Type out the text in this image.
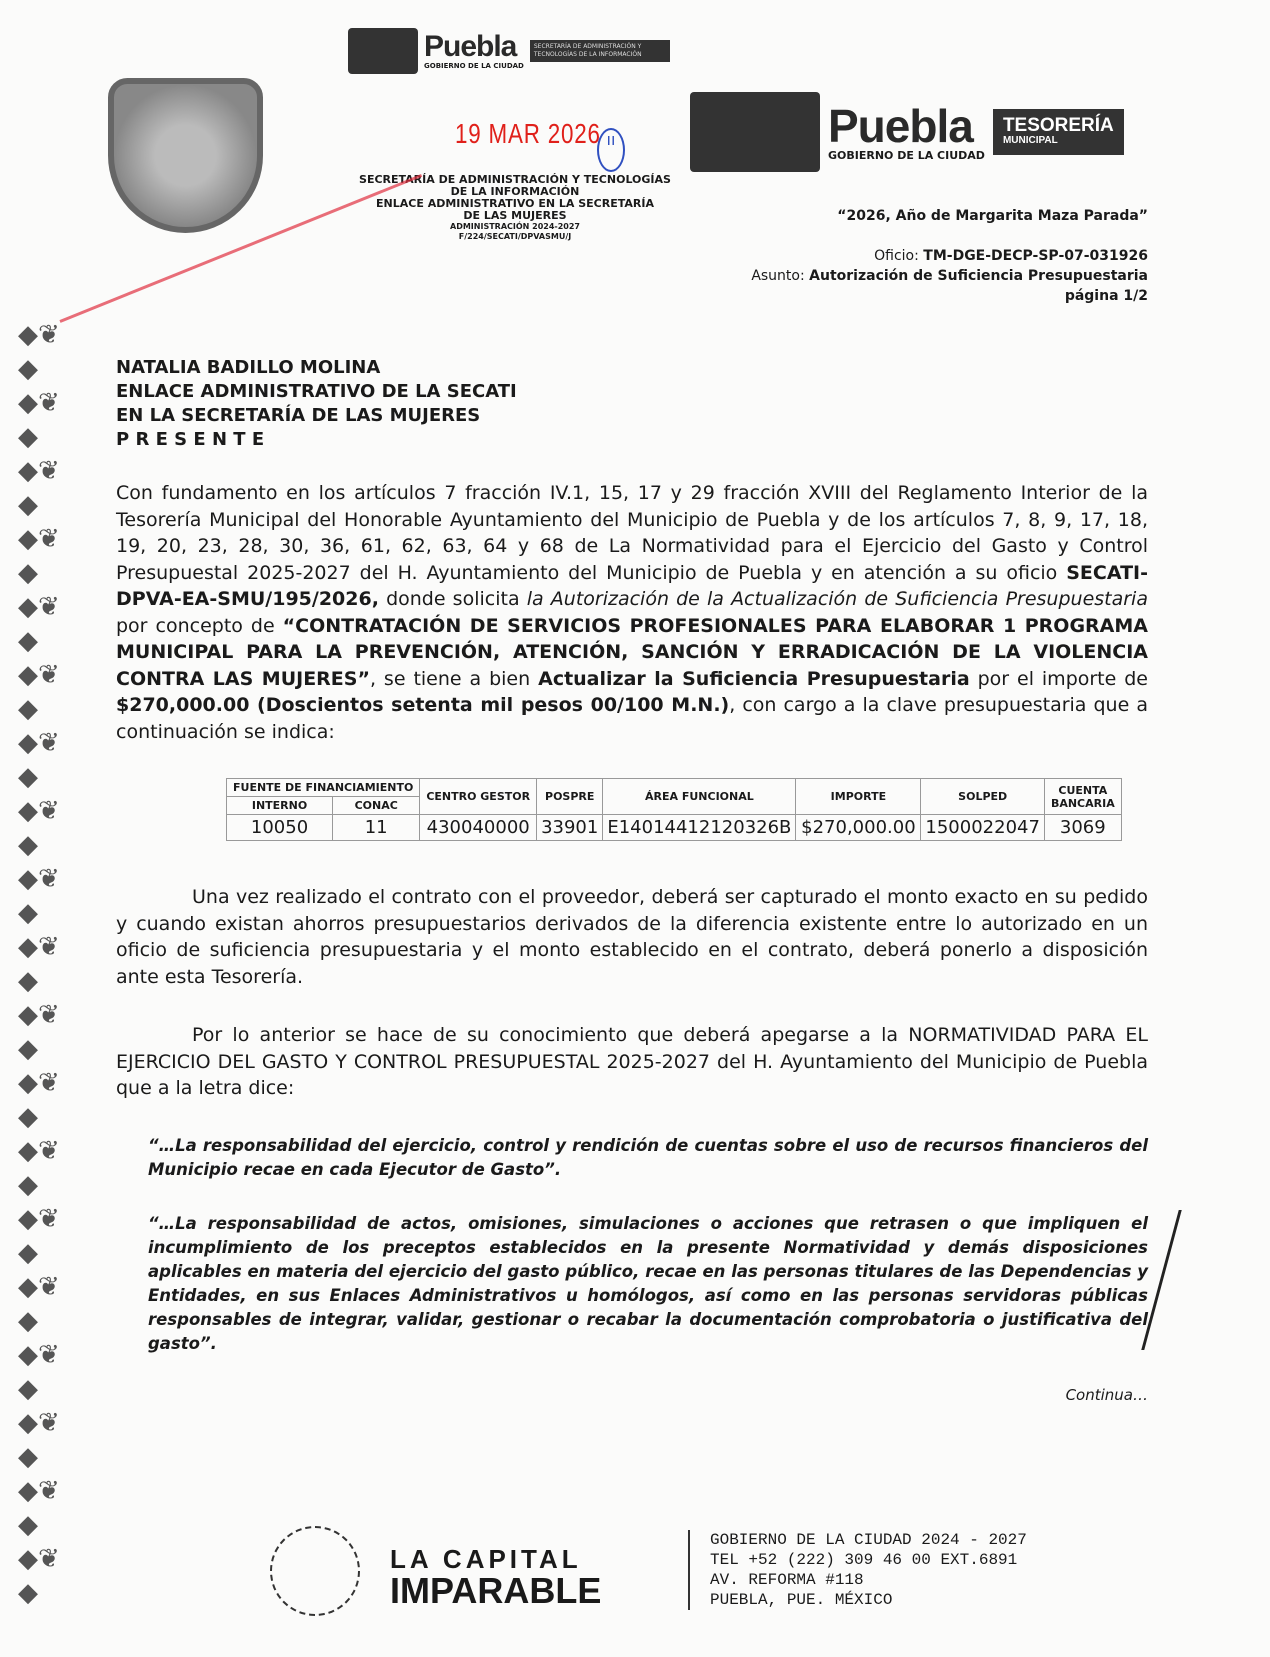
◆❦
◆
◆❦
◆
◆❦
◆
◆❦
◆
◆❦
◆
◆❦
◆
◆❦
◆
◆❦
◆
◆❦
◆
◆❦
◆
◆❦
◆
◆❦
◆
◆❦
◆
◆❦
◆
◆❦
◆
◆❦
◆
◆❦
◆
◆❦
◆
◆❦
◆
Puebla
GOBIERNO DE LA CIUDAD
SECRETARÍA DE ADMINISTRACIÓN Y TECNOLOGÍAS DE LA INFORMACIÓN
19 MAR 2026 ıı
SECRETARÍA DE ADMINISTRACIÓN Y TECNOLOGÍAS
DE LA INFORMACIÓN
ENLACE ADMINISTRATIVO EN LA SECRETARÍA
DE LAS MUJERES
ADMINISTRACIÓN 2024-2027
F/224/SECATI/DPVASMU/J
Puebla
GOBIERNO DE LA CIUDAD
TESORERÍA
MUNICIPAL
“2026, Año de Margarita Maza Parada”
Oficio: TM-DGE-DECP-SP-07-031926
Asunto: Autorización de Suficiencia Presupuestaria
página 1/2
NATALIA BADILLO MOLINA
ENLACE ADMINISTRATIVO DE LA SECATI
EN LA SECRETARÍA DE LAS MUJERES
P R E S E N T E

Con fundamento en los artículos 7 fracción IV.1, 15, 17 y 29 fracción XVIII del Reglamento Interior de la Tesorería Municipal del Honorable Ayuntamiento del Municipio de Puebla y de los artículos 7, 8, 9, 17, 18, 19, 20, 23, 28, 30, 36, 61, 62, 63, 64 y 68 de La Normatividad para el Ejercicio del Gasto y Control Presupuestal 2025-2027 del H. Ayuntamiento del Municipio de Puebla y en atención a su oficio SECATI-DPVA-EA-SMU/195/2026, donde solicita la Autorización de la Actualización de Suficiencia Presupuestaria por concepto de “CONTRATACIÓN DE SERVICIOS PROFESIONALES PARA ELABORAR 1 PROGRAMA MUNICIPAL PARA LA PREVENCIÓN, ATENCIÓN, SANCIÓN Y ERRADICACIÓN DE LA VIOLENCIA CONTRA LAS MUJERES”, se tiene a bien Actualizar la Suficiencia Presupuestaria por el importe de $270,000.00 (Doscientos setenta mil pesos 00/100 M.N.), con cargo a la clave presupuestaria que a continuación se indica:

FUENTE DE FINANCIAMIENTO		CENTRO GESTOR	POSPRE	ÁREA FUNCIONAL	IMPORTE	SOLPED	CUENTA BANCARIA
INTERNO	CONAC						
10050	11	430040000	33901	E14014412120326B	$270,000.00	1500022047	3069

Una vez realizado el contrato con el proveedor, deberá ser capturado el monto exacto en su pedido y cuando existan ahorros presupuestarios derivados de la diferencia existente entre lo autorizado en un oficio de suficiencia presupuestaria y el monto establecido en el contrato, deberá ponerlo a disposición ante esta Tesorería.

Por lo anterior se hace de su conocimiento que deberá apegarse a la NORMATIVIDAD PARA EL EJERCICIO DEL GASTO Y CONTROL PRESUPUESTAL 2025-2027 del H. Ayuntamiento del Municipio de Puebla que a la letra dice:

“…La responsabilidad del ejercicio, control y rendición de cuentas sobre el uso de recursos financieros del Municipio recae en cada Ejecutor de Gasto”.

“…La responsabilidad de actos, omisiones, simulaciones o acciones que retrasen o que impliquen el incumplimiento de los preceptos establecidos en la presente Normatividad y demás disposiciones aplicables en materia del ejercicio del gasto público, recae en las personas titulares de las Dependencias y Entidades, en sus Enlaces Administrativos u homólogos, así como en las personas servidoras públicas responsables de integrar, validar, gestionar o recabar la documentación comprobatoria o justificativa del gasto”.

Continua…
LA CAPITAL
IMPARABLE
GOBIERNO DE LA CIUDAD 2024 - 2027
TEL +52 (222) 309 46 00 EXT.6891
AV. REFORMA #118
PUEBLA, PUE. MÉXICO
